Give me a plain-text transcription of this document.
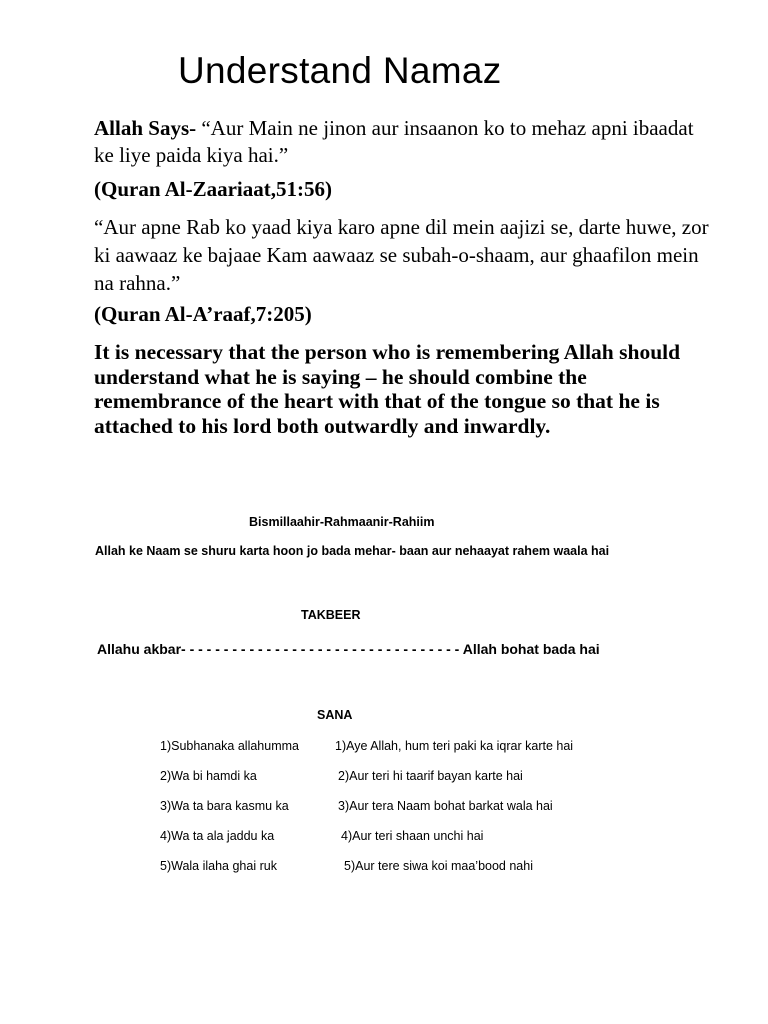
Understand Namaz
Allah Says- “Aur Main ne jinon aur insaanon ko to mehaz apni ibaadat ke liye paida kiya hai.”
(Quran Al-Zaariaat,51:56)
“Aur apne Rab ko yaad kiya karo apne dil mein aajizi se, darte huwe, zor ki aawaaz ke bajaae Kam aawaaz se subah-o-shaam, aur ghaafilon mein na rahna.”
(Quran Al-A’raaf,7:205)
It is necessary that the person who is remembering Allah should understand what he is saying – he should combine the remembrance of the heart with that of the tongue so that he is attached to his lord both outwardly and inwardly.
Bismillaahir-Rahmaanir-Rahiim
Allah ke Naam se shuru karta hoon jo bada mehar- baan aur nehaayat rahem waala hai
TAKBEER
Allahu akbar- - - - - - - - - - - - - - - - - - - - - - - - - - - - - - - - - Allah bohat bada hai
SANA
1)Subhanaka allahumma	1)Aye Allah, hum teri paki ka iqrar karte hai
2)Wa bi hamdi ka	2)Aur teri hi taarif bayan karte hai
3)Wa ta bara kasmu ka	3)Aur tera Naam bohat barkat wala hai
4)Wa ta ala jaddu ka	4)Aur teri shaan unchi hai
5)Wala ilaha ghai ruk	5)Aur tere siwa koi maa’bood nahi
